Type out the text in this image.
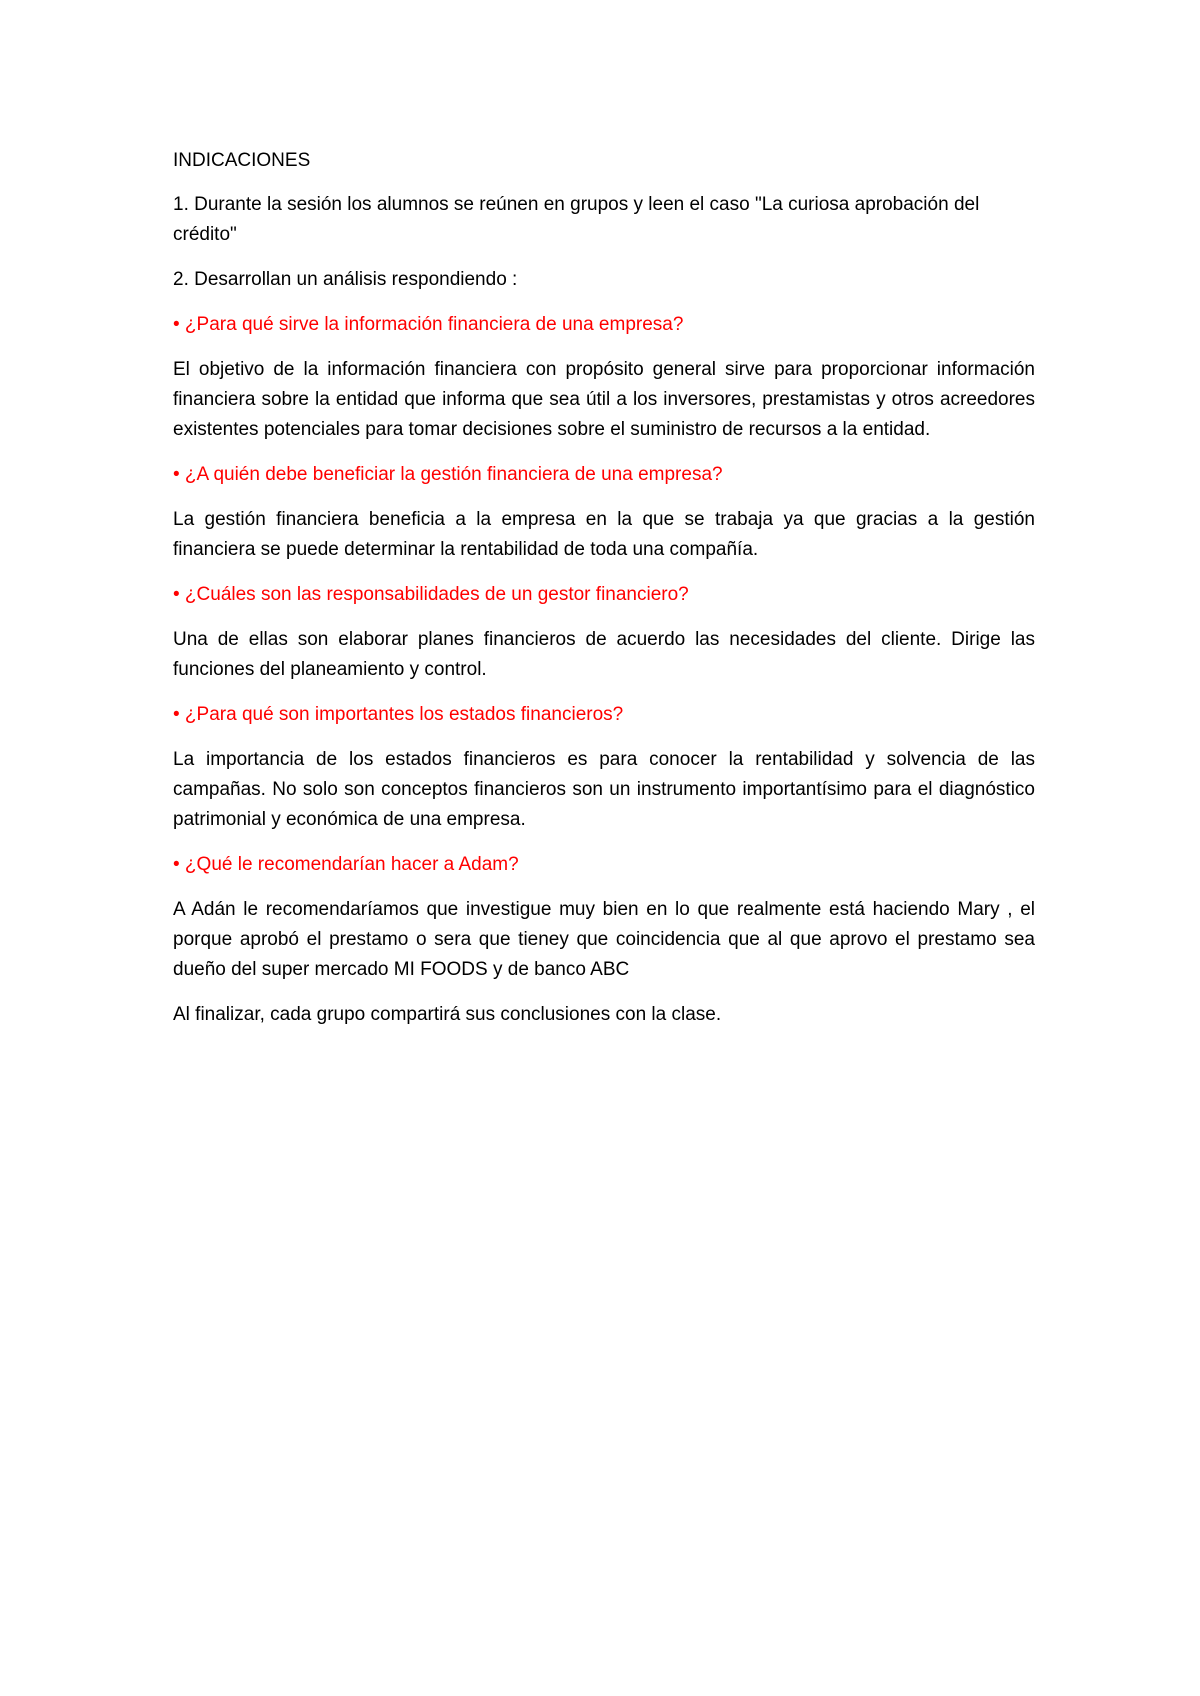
INDICACIONES

1. Durante la sesión los alumnos se reúnen en grupos y leen el caso "La curiosa aprobación del crédito"

2. Desarrollan un análisis respondiendo :

• ¿Para qué sirve la información financiera de una empresa?

El objetivo de la información financiera con propósito general sirve para proporcionar información financiera sobre la entidad que informa que sea útil a los inversores, prestamistas y otros acreedores existentes potenciales para tomar decisiones sobre el suministro de recursos a la entidad.

• ¿A quién debe beneficiar la gestión financiera de una empresa?

La gestión financiera beneficia a la empresa en la que se trabaja ya que gracias a la gestión financiera se puede determinar la rentabilidad de toda una compañía.

• ¿Cuáles son las responsabilidades de un gestor financiero?

Una de ellas son elaborar planes financieros de acuerdo las necesidades del cliente. Dirige las funciones del planeamiento y control.

• ¿Para qué son importantes los estados financieros?

La importancia de los estados financieros es para conocer la rentabilidad y solvencia de las campañas. No solo son conceptos financieros son un instrumento importantísimo para el diagnóstico patrimonial y económica de una empresa.

• ¿Qué le recomendarían hacer a Adam?

A Adán le recomendaríamos que investigue muy bien en lo que realmente está haciendo Mary , el porque aprobó el prestamo o sera que tieney que coincidencia que al que aprovo el prestamo sea dueño del super mercado MI FOODS y de banco ABC

Al finalizar, cada grupo compartirá sus conclusiones con la clase.
